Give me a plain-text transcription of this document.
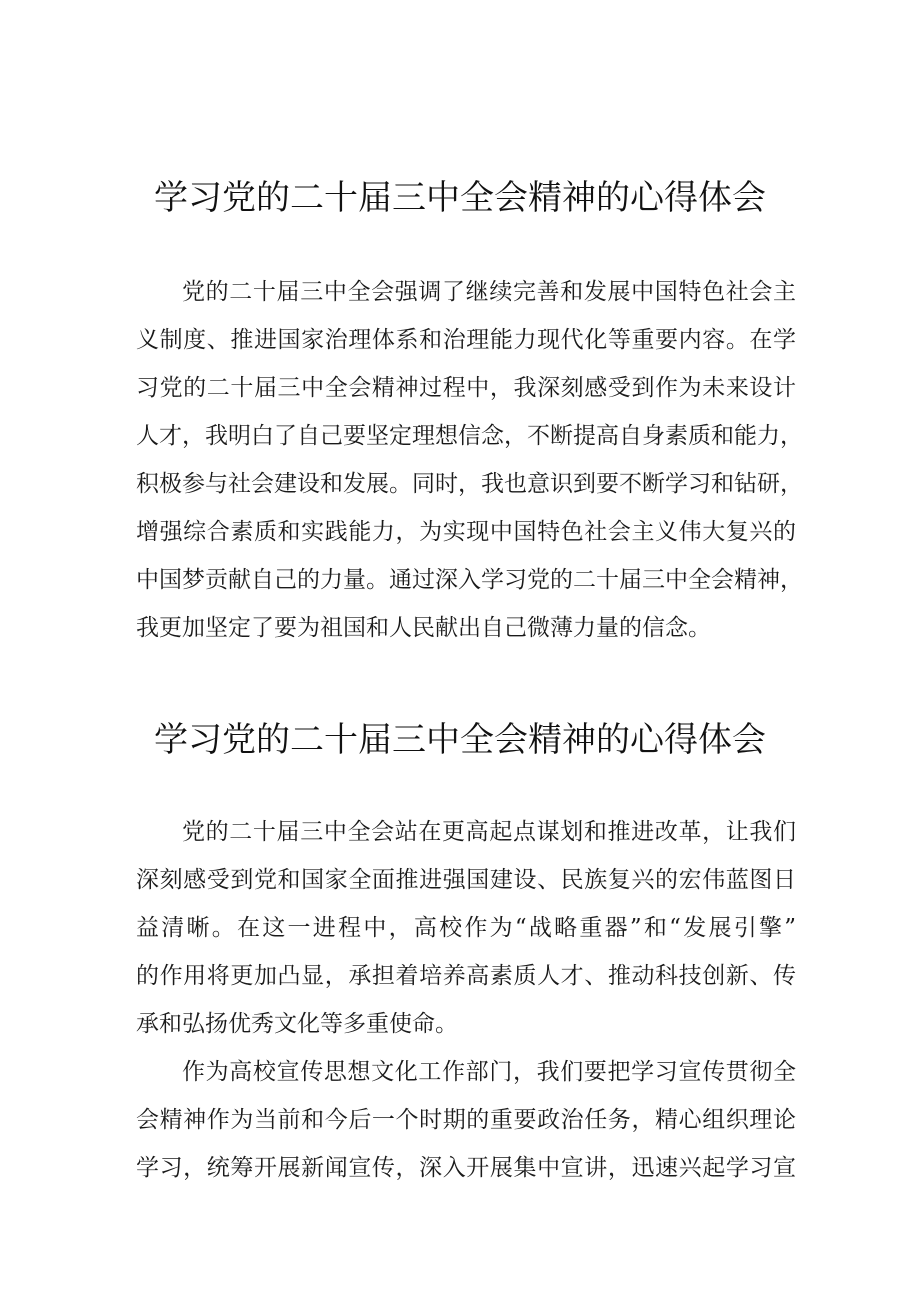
学习党的二十届三中全会精神的心得体会
党的二十届三中全会强调了继续完善和发展中国特色社会主
义制度、推进国家治理体系和治理能力现代化等重要内容。在学
习党的二十届三中全会精神过程中，我深刻感受到作为未来设计
人才，我明白了自己要坚定理想信念，不断提高自身素质和能力，
积极参与社会建设和发展。同时，我也意识到要不断学习和钻研，
增强综合素质和实践能力，为实现中国特色社会主义伟大复兴的
中国梦贡献自己的力量。通过深入学习党的二十届三中全会精神，
我更加坚定了要为祖国和人民献出自己微薄力量的信念。
学习党的二十届三中全会精神的心得体会
党的二十届三中全会站在更高起点谋划和推进改革，让我们
深刻感受到党和国家全面推进强国建设、民族复兴的宏伟蓝图日
益清晰。在这一进程中，高校作为“战略重器”和“发展引擎”
的作用将更加凸显，承担着培养高素质人才、推动科技创新、传
承和弘扬优秀文化等多重使命。
作为高校宣传思想文化工作部门，我们要把学习宣传贯彻全
会精神作为当前和今后一个时期的重要政治任务，精心组织理论
学习，统筹开展新闻宣传，深入开展集中宣讲，迅速兴起学习宣
